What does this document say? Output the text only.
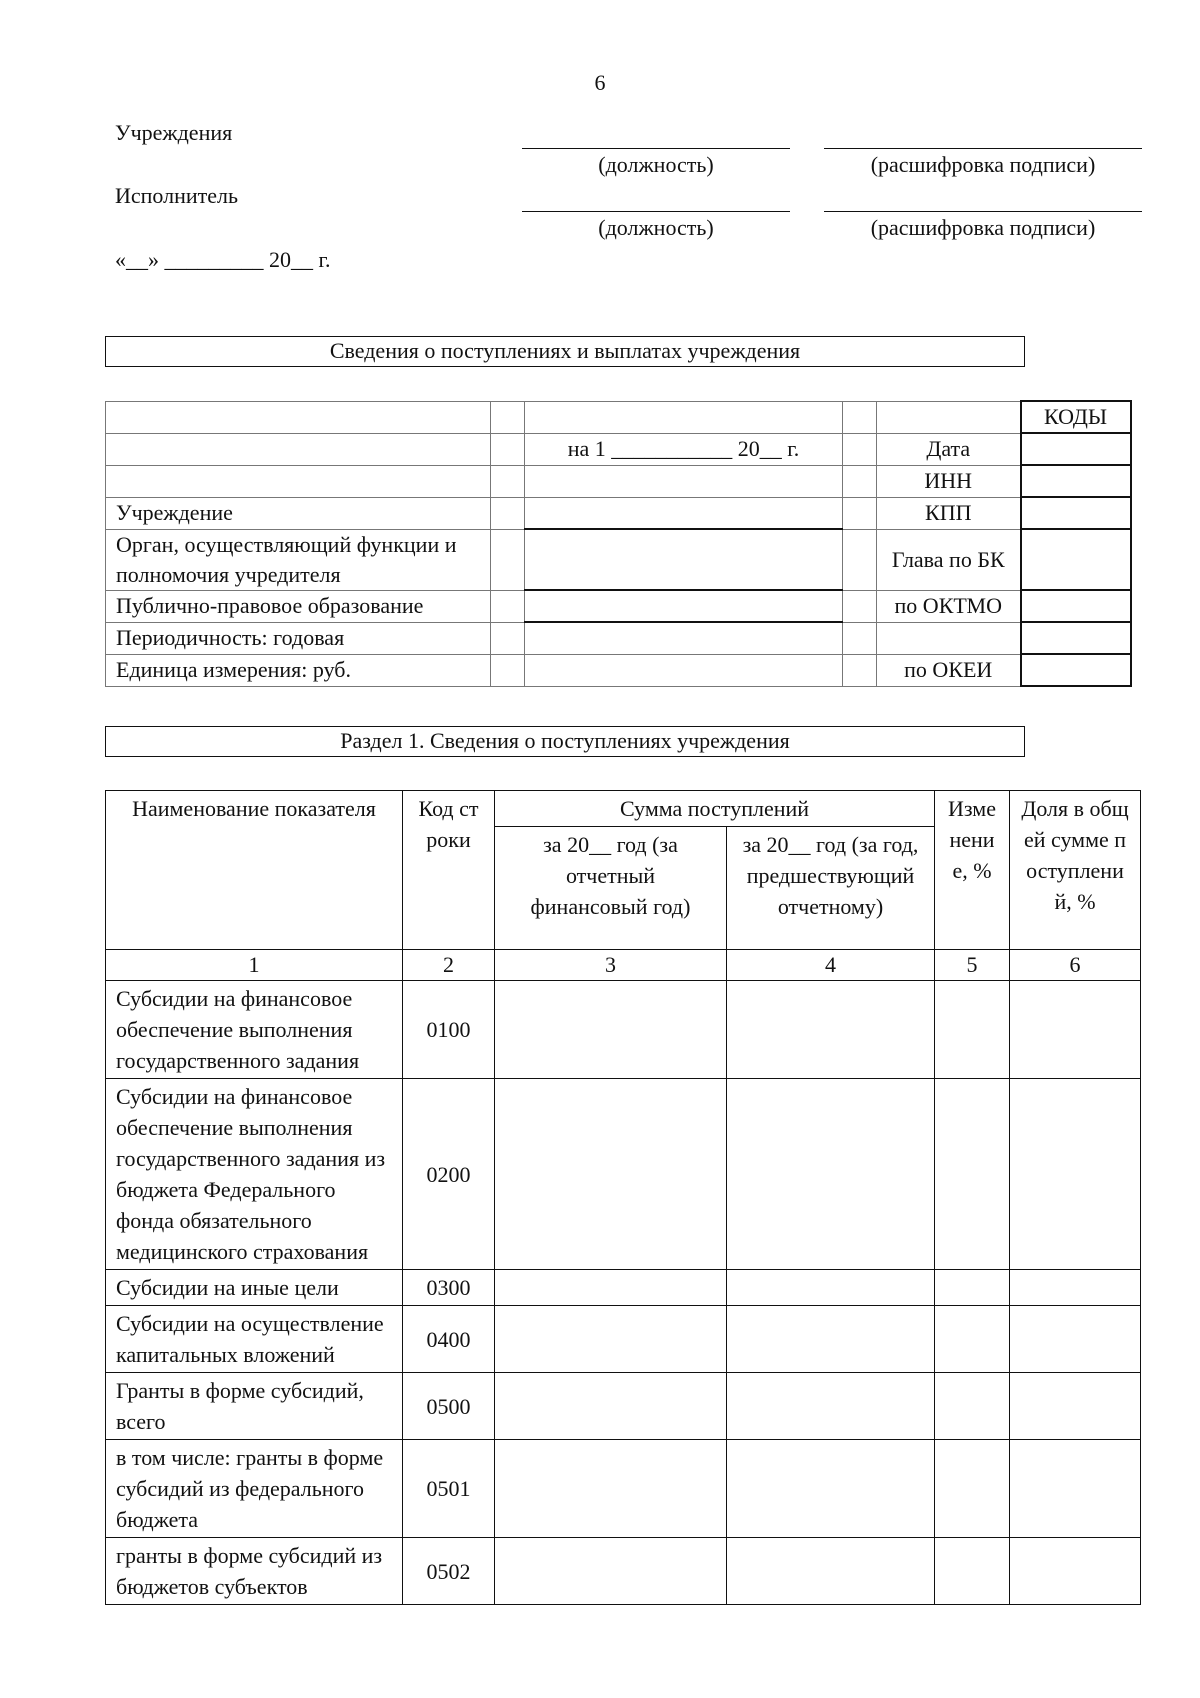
6
Учреждения
(должность)	(расшифровка подписи)
Исполнитель
(должность)	(расшифровка подписи)
«__» _________ 20__ г.
Сведения о поступлениях и выплатах учреждения
					КОДЫ
		на 1 ___________ 20__ г.		Дата	
				ИНН	
Учреждение				КПП	
Орган, осуществляющий функции и полномочия учредителя				Глава по БК	
Публично-правовое образование				по ОКТМО	
Периодичность: годовая					
Единица измерения: руб.				по ОКЕИ	
Раздел 1. Сведения о поступлениях учреждения
Наименование показателя	Код строки	Сумма поступлений		Изменение, %	Доля в общей сумме поступлений, %
		за 20__ год (за отчетный финансовый год)	за 20__ год (за год, предшествующий отчетному)		
1	2	3	4	5	6
Субсидии на финансовое обеспечение выполнения государственного задания	0100				
Субсидии на финансовое обеспечение выполнения государственного задания из бюджета Федерального фонда обязательного медицинского страхования	0200				
Субсидии на иные цели	0300				
Субсидии на осуществление капитальных вложений	0400				
Гранты в форме субсидий, всего	0500				
в том числе: гранты в форме субсидий из федерального бюджета	0501				
гранты в форме субсидий из бюджетов субъектов	0502				
